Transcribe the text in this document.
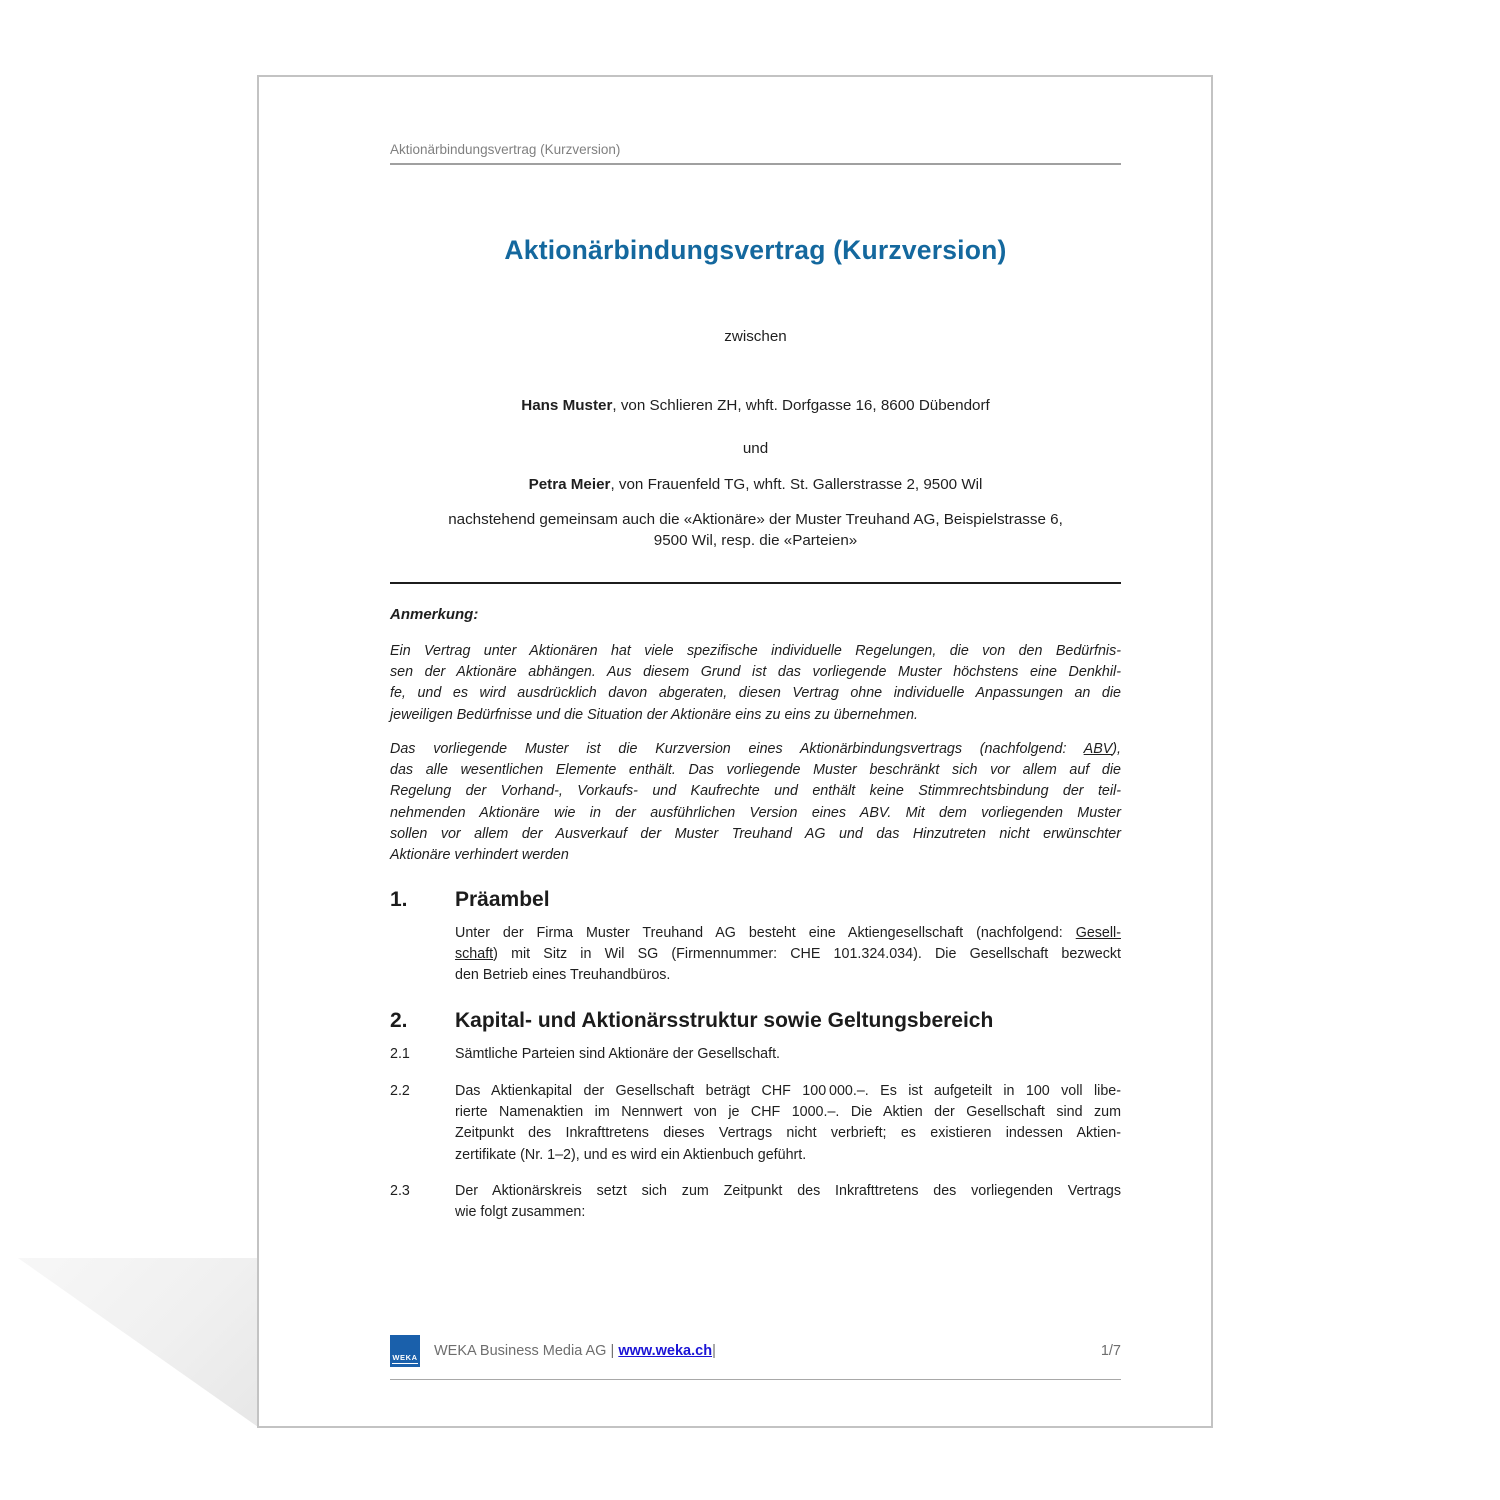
Aktionärbindungsvertrag (Kurzversion)
Aktionärbindungsvertrag (Kurzversion)
zwischen
Hans Muster, von Schlieren ZH, whft. Dorfgasse 16, 8600 Dübendorf
und
Petra Meier, von Frauenfeld TG, whft. St. Gallerstrasse 2, 9500 Wil
nachstehend gemeinsam auch die «Aktionäre» der Muster Treuhand AG, Beispielstrasse 6,
9500 Wil, resp. die «Parteien»
Anmerkung:
Ein Vertrag unter Aktionären hat viele spezifische individuelle Regelungen, die von den Bedürfnis-
sen der Aktionäre abhängen. Aus diesem Grund ist das vorliegende Muster höchstens eine Denkhil-
fe, und es wird ausdrücklich davon abgeraten, diesen Vertrag ohne individuelle Anpassungen an die
jeweiligen Bedürfnisse und die Situation der Aktionäre eins zu eins zu übernehmen.
Das vorliegende Muster ist die Kurzversion eines Aktionärbindungsvertrags (nachfolgend: ABV),
das alle wesentlichen Elemente enthält. Das vorliegende Muster beschränkt sich vor allem auf die
Regelung der Vorhand-, Vorkaufs- und Kaufrechte und enthält keine Stimmrechtsbindung der teil-
nehmenden Aktionäre wie in der ausführlichen Version eines ABV. Mit dem vorliegenden Muster
sollen vor allem der Ausverkauf der Muster Treuhand AG und das Hinzutreten nicht erwünschter
Aktionäre verhindert werden
1.	Präambel
Unter der Firma Muster Treuhand AG besteht eine Aktiengesellschaft (nachfolgend: Gesell-
schaft) mit Sitz in Wil SG (Firmennummer: CHE 101.324.034). Die Gesellschaft bezweckt
den Betrieb eines Treuhandbüros.
2.	Kapital- und Aktionärsstruktur sowie Geltungsbereich
2.1	Sämtliche Parteien sind Aktionäre der Gesellschaft.
2.2	Das Aktienkapital der Gesellschaft beträgt CHF 100 000.–. Es ist aufgeteilt in 100 voll libe-
rierte Namenaktien im Nennwert von je CHF 1000.–. Die Aktien der Gesellschaft sind zum
Zeitpunkt des Inkrafttretens dieses Vertrags nicht verbrieft; es existieren indessen Aktien-
zertifikate (Nr. 1–2), und es wird ein Aktienbuch geführt.
2.3	Der Aktionärskreis setzt sich zum Zeitpunkt des Inkrafttretens des vorliegenden Vertrags
wie folgt zusammen:
WEKA WEKA Business Media AG | www.weka.ch|	1/7
